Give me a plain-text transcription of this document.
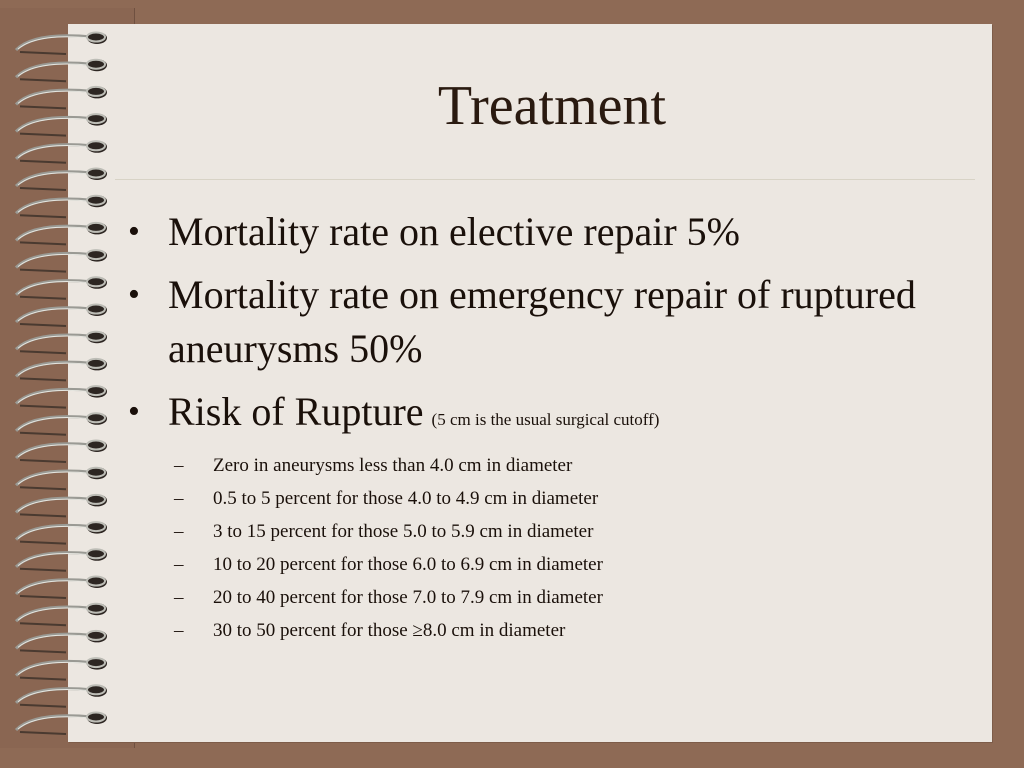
Treatment
• Mortality rate on elective repair 5%
• Mortality rate on emergency repair of ruptured aneurysms 50%
• Risk of Rupture (5 cm is the usual surgical cutoff)
–	Zero in aneurysms less than 4.0 cm in diameter
–	0.5 to 5 percent for those 4.0 to 4.9 cm in diameter
–	3 to 15 percent for those 5.0 to 5.9 cm in diameter
–	10 to 20 percent for those 6.0 to 6.9 cm in diameter
–	20 to 40 percent for those 7.0 to 7.9 cm in diameter
–	30 to 50 percent for those ≥8.0 cm in diameter
